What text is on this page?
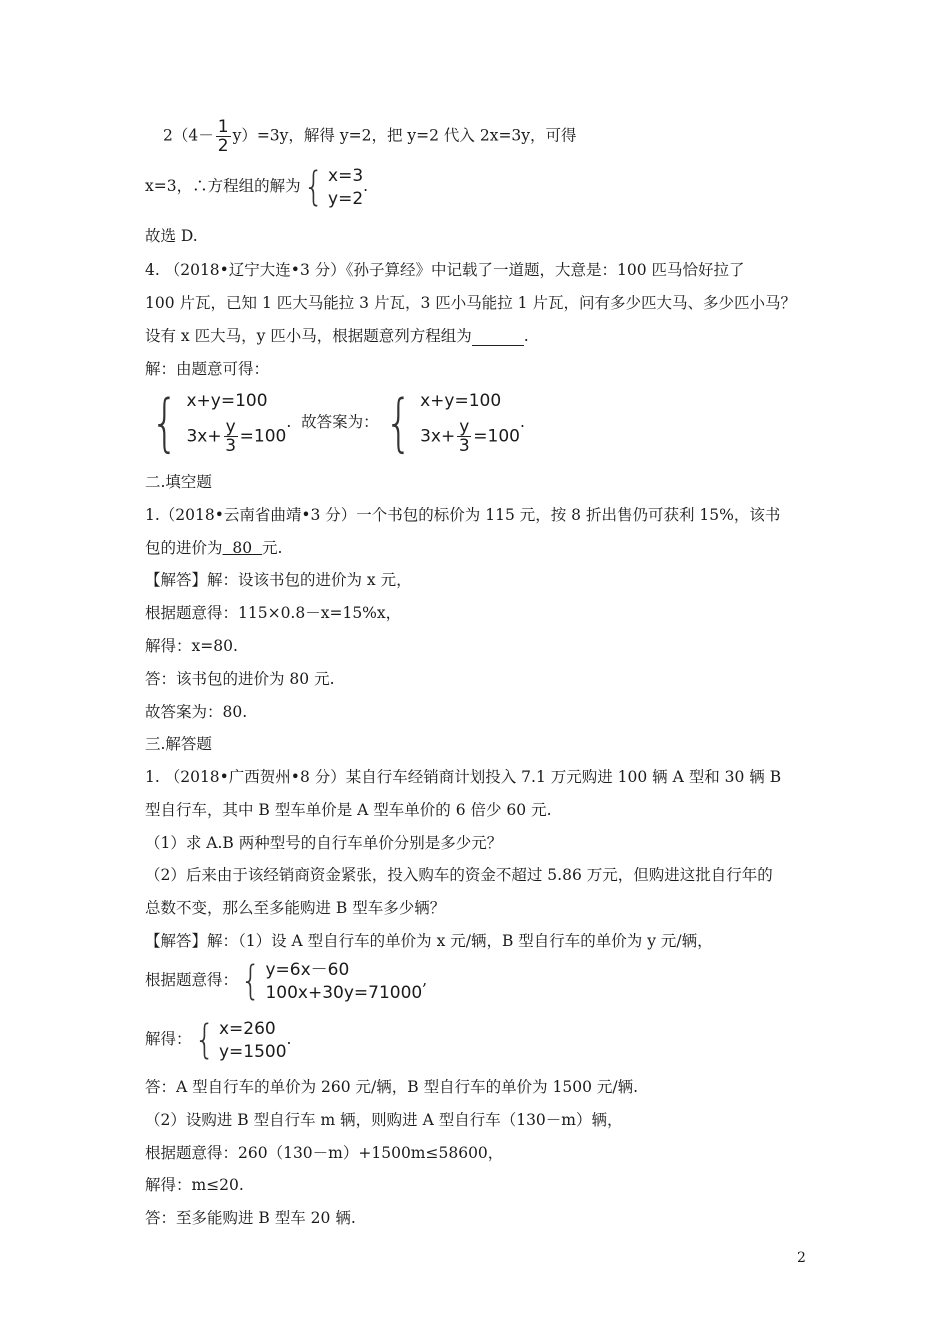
$2(4- \frac{1}{2} y)=3y$，解得 y=2，把 y=2 代入 2x=3y，可得
x=3，∴方程组的解为 { x=3
y=2
.
故选 D.
4. （2018•辽宁大连•3 分）《孙子算经》中记载了一道题，大意是：100 匹马恰好拉了
100 片瓦，已知 1 匹大马能拉 3 片瓦，3 匹小马能拉 1 片瓦，问有多少匹大马、多少匹小马？
设有 x 匹大马，y 匹小马，根据题意列方程组为	.
解：由题意可得：
{ x+y=100
$3x+ \frac{y}{3} =100$
.  故答案为： { x+y=100
$3x+ \frac{y}{3} =100$
.
二.填空题
1.（2018•云南省曲靖•3 分）一个书包的标价为 115 元，按 8 折出售仍可获利 15%，该书
包的进价为  80  元.
【解答】解：设该书包的进价为 x 元，
根据题意得：115×0.8－x=15%x，
解得：x=80.
答：该书包的进价为 80 元.
故答案为：80.
三.解答题
1. （2018•广西贺州•8 分）某自行车经销商计划投入 7.1 万元购进 100 辆 A 型和 30 辆 B
型自行车，其中 B 型车单价是 A 型车单价的 6 倍少 60 元.
（1）求 A.B 两种型号的自行车单价分别是多少元？
（2）后来由于该经销商资金紧张，投入购车的资金不超过 5.86 万元，但购进这批自行年的
总数不变，那么至多能购进 B 型车多少辆？
【解答】解：（1）设 A 型自行车的单价为 x 元/辆，B 型自行车的单价为 y 元/辆，
根据题意得： { y=6x－60
100x+30y=71000
,
解得： { x=260
y=1500
.
答：A 型自行车的单价为 260 元/辆，B 型自行车的单价为 1500 元/辆.
（2）设购进 B 型自行车 m 辆，则购进 A 型自行车（130－m）辆，
根据题意得：260（130－m）+1500m≤58600，
解得：m≤20.
答：至多能购进 B 型车 20 辆.
2
